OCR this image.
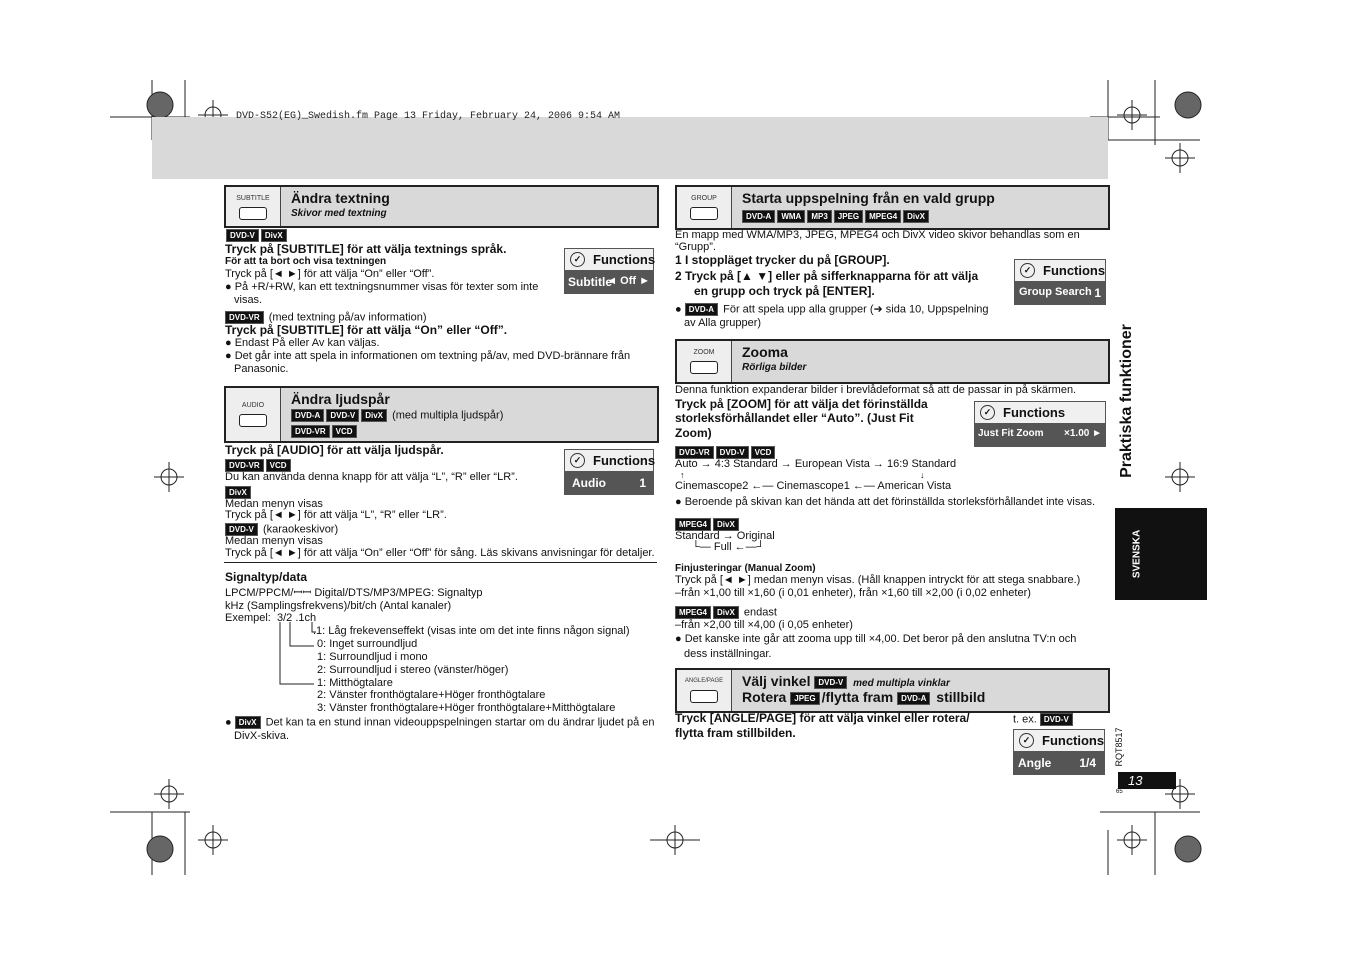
DVD-S52(EG)_Swedish.fm Page 13 Friday, February 24, 2006 9:54 AM
SUBTITLE	Ändra textning
Skivor med textning
DVD-V DivX
Tryck på [SUBTITLE] för att välja textnings språk.
För att ta bort och visa textningen
Tryck på [◄ ►] för att välja “On” eller “Off”.
● På +R/+RW, kan ett textningsnummer visas för texter som inte
visas.
DVD-VR (med textning på/av information)
Tryck på [SUBTITLE] för att välja “On” eller “Off”.
● Endast På eller Av kan väljas.
● Det går inte att spela in informationen om textning på/av, med DVD-brännare från
Panasonic.
✓ Functions
Subtitle
◄ Off ►
AUDIO	Ändra ljudspår
DVD-A DVD-V DivX (med multipla ljudspår)
DVD-VR VCD
Tryck på [AUDIO] för att välja ljudspår.
DVD-VR VCD
Du kan använda denna knapp för att välja “L”, “R” eller “LR”.
DivX
Medan menyn visas
Tryck på [◄ ►] för att välja “L”, “R” eller “LR”.
DVD-V (karaokeskivor)
Medan menyn visas
Tryck på [◄ ►] för att välja “On” eller “Off” för sång. Läs skivans anvisningar för detaljer.
✓ Functions
Audio	1
Signaltyp/data
LPCM/PPCM/ꟷꟷ Digital/DTS/MP3/MPEG: Signaltyp
kHz (Samplingsfrekvens)/bit/ch (Antal kanaler)
Exempel: 3/2 .1ch
.1: Låg frekevenseffekt (visas inte om det inte finns någon signal)
0: Inget surroundljud
1: Surroundljud i mono
2: Surroundljud i stereo (vänster/höger)
1: Mitthögtalare
2: Vänster fronthögtalare+Höger fronthögtalare
3: Vänster fronthögtalare+Höger fronthögtalare+Mitthögtalare
● DivX Det kan ta en stund innan videouppspelningen startar om du ändrar ljudet på en
DivX-skiva.
GROUP	Starta uppspelning från en vald grupp
DVD-A WMA MP3 JPEG MPEG4 DivX
En mapp med WMA/MP3, JPEG, MPEG4 och DivX video skivor behandlas som en
“Grupp”.
1 I stoppläget trycker du på [GROUP].
2 Tryck på [▲ ▼] eller på sifferknapparna för att välja
en grupp och tryck på [ENTER].
● DVD-A För att spela upp alla grupper (➜ sida 10, Uppspelning
av Alla grupper)
✓ Functions
Group Search 1
ZOOM	Zooma
Rörliga bilder
Denna funktion expanderar bilder i brevlådeformat så att de passar in på skärmen.
Tryck på [ZOOM] för att välja det förinställda
storleksförhållandet eller “Auto”. (Just Fit
Zoom)
DVD-VR DVD-V VCD
Auto → 4:3 Standard → European Vista → 16:9 Standard
↑	↓
Cinemascope2 ←— Cinemascope1 ←— American Vista
● Beroende på skivan kan det hända att det förinställda storleksförhållandet inte visas.
MPEG4 DivX
Standard → Original
└— Full ←—┘
Finjusteringar (Manual Zoom)
Tryck på [◄ ►] medan menyn visas. (Håll knappen intryckt för att stega snabbare.)
–från ×1,00 till ×1,60 (i 0,01 enheter), från ×1,60 till ×2,00 (i 0,02 enheter)
MPEG4 DivX endast
–från ×2,00 till ×4,00 (i 0,05 enheter)
● Det kanske inte går att zooma upp till ×4,00. Det beror på den anslutna TV:n och
dess inställningar.
✓ Functions
Just Fit Zoom ×1.00 ►
ANGLE/PAGE	Välj vinkel DVD-V med multipla vinklar
Rotera JPEG /flytta fram DVD-A stillbild
Tryck [ANGLE/PAGE] för att välja vinkel eller rotera/
flytta fram stillbilden.
t. ex. DVD-V
✓ Functions
Angle 1/4
Praktiska funktioner
SVENSKA
RQT8517
13
65
